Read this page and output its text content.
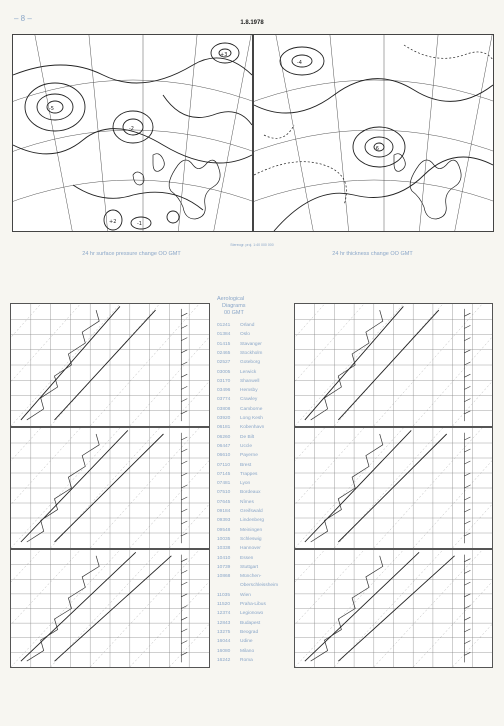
– 8 –	1.8.1978
-5
-2
+3
+2	-1
-4
-6
Stereogr. proj. 1:40 000 000
24 hr surface pressure change OO GMT	24 hr thickness change OO GMT
Aerological
Diagrams
00 GMT
01241 Orland
01384 Oslo
01415 Stavanger
02465 Stockholm
02527 Goteborg
03005 Lerwick
03170 Shanwell
03496 Hemsby
03774 Crawley
03808 Camborne
03920 Long Kesh
06181 Kobenhavn
06260 De Bilt
06447 Uccle
06610 Payerne
07110 Brest
07145 Trappes
07481 Lyon
07510 Bordeaux
07645 Nîmes
09184 Greifswald
09393 Lindenberg
09548 Meiningen
10035 Schleswig
10338 Hannover
10410 Essen
10739 Stuttgart
10868 München-
Oberschleissheim
11035 Wien
11520 Praha-Libus
12374 Legionowo
12843 Budapest
13275 Beograd
16044 Udine
16080 Milano
16242 Roma
